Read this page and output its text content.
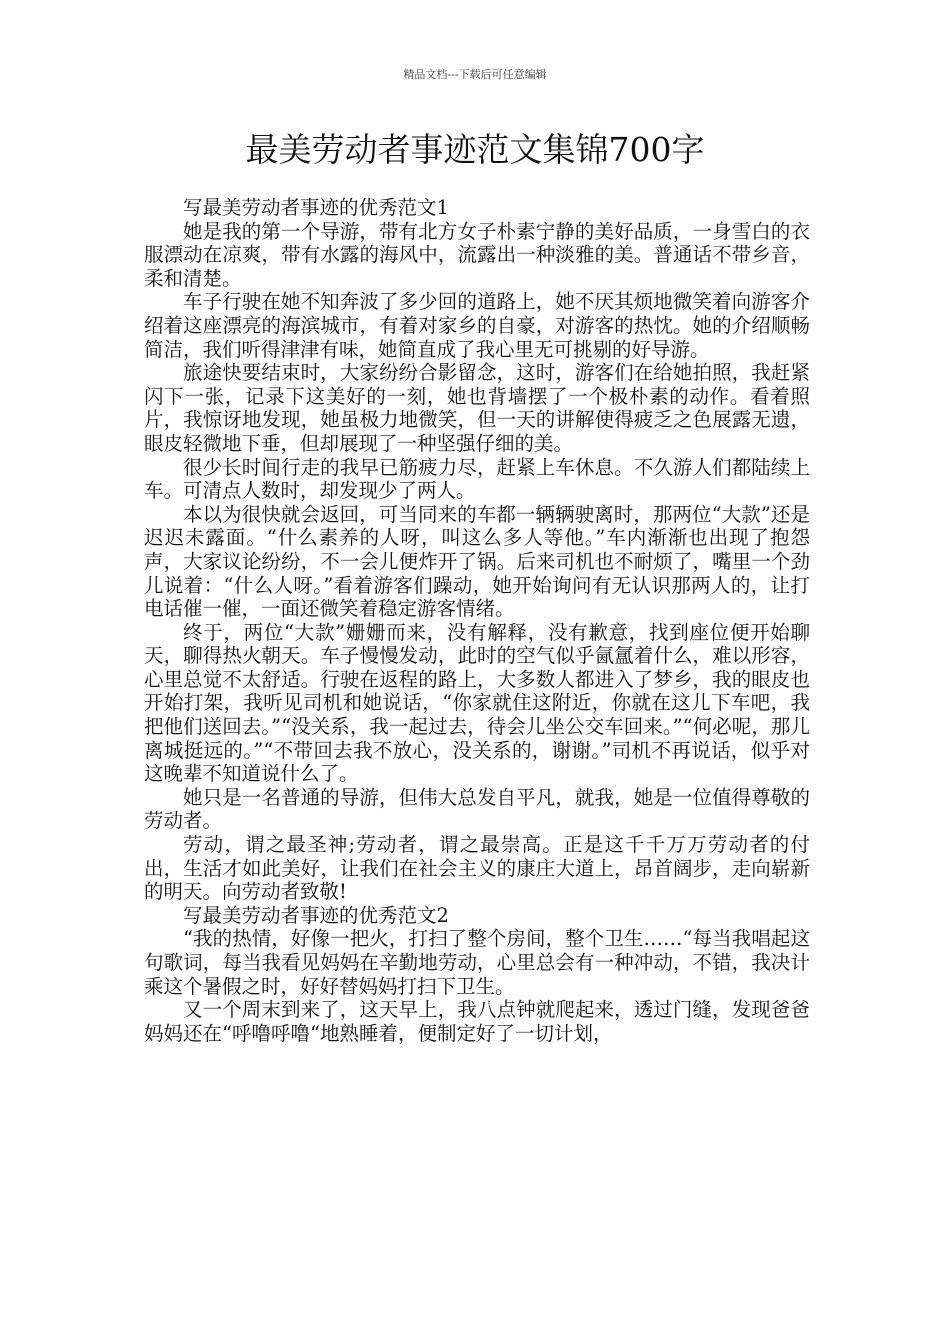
精品文档---下载后可任意编辑
最美劳动者事迹范文集锦700字

写最美劳动者事迹的优秀范文1

她是我的第一个导游，带有北方女子朴素宁静的美好品质，一身雪白的衣服漂动在凉爽，带有水露的海风中，流露出一种淡雅的美。普通话不带乡音，柔和清楚。

车子行驶在她不知奔波了多少回的道路上，她不厌其烦地微笑着向游客介绍着这座漂亮的海滨城市，有着对家乡的自豪，对游客的热忱。她的介绍顺畅简洁，我们听得津津有味，她简直成了我心里无可挑剔的好导游。

旅途快要结束时，大家纷纷合影留念，这时，游客们在给她拍照，我赶紧闪下一张，记录下这美好的一刻，她也背墙摆了一个极朴素的动作。看着照片，我惊讶地发现，她虽极力地微笑，但一天的讲解使得疲乏之色展露无遗，眼皮轻微地下垂，但却展现了一种坚强仔细的美。

很少长时间行走的我早已筋疲力尽，赶紧上车休息。不久游人们都陆续上车。可清点人数时，却发现少了两人。

本以为很快就会返回，可当同来的车都一辆辆驶离时，那两位“大款”还是迟迟未露面。“什么素养的人呀，叫这么多人等他。”车内渐渐也出现了抱怨声，大家议论纷纷，不一会儿便炸开了锅。后来司机也不耐烦了，嘴里一个劲儿说着：“什么人呀。”看着游客们躁动，她开始询问有无认识那两人的，让打电话催一催，一面还微笑着稳定游客情绪。

终于，两位“大款”姗姗而来，没有解释，没有歉意，找到座位便开始聊天，聊得热火朝天。车子慢慢发动，此时的空气似乎氤氲着什么，难以形容，心里总觉不太舒适。行驶在返程的路上，大多数人都进入了梦乡，我的眼皮也开始打架，我听见司机和她说话，“你家就住这附近，你就在这儿下车吧，我把他们送回去。”“没关系，我一起过去，待会儿坐公交车回来。”“何必呢，那儿离城挺远的。”“不带回去我不放心，没关系的，谢谢。”司机不再说话，似乎对这晚辈不知道说什么了。

她只是一名普通的导游，但伟大总发自平凡，就我，她是一位值得尊敬的劳动者。

劳动，谓之最圣神;劳动者，谓之最崇高。正是这千千万万劳动者的付出，生活才如此美好，让我们在社会主义的康庄大道上，昂首阔步，走向崭新的明天。向劳动者致敬!

写最美劳动者事迹的优秀范文2

“我的热情，好像一把火，打扫了整个房间，整个卫生……“每当我唱起这句歌词，每当我看见妈妈在辛勤地劳动，心里总会有一种冲动，不错，我决计乘这个暑假之时，好好替妈妈打扫下卫生。

又一个周末到来了，这天早上，我八点钟就爬起来，透过门缝，发现爸爸妈妈还在“呼噜呼噜“地熟睡着，便制定好了一切计划，
